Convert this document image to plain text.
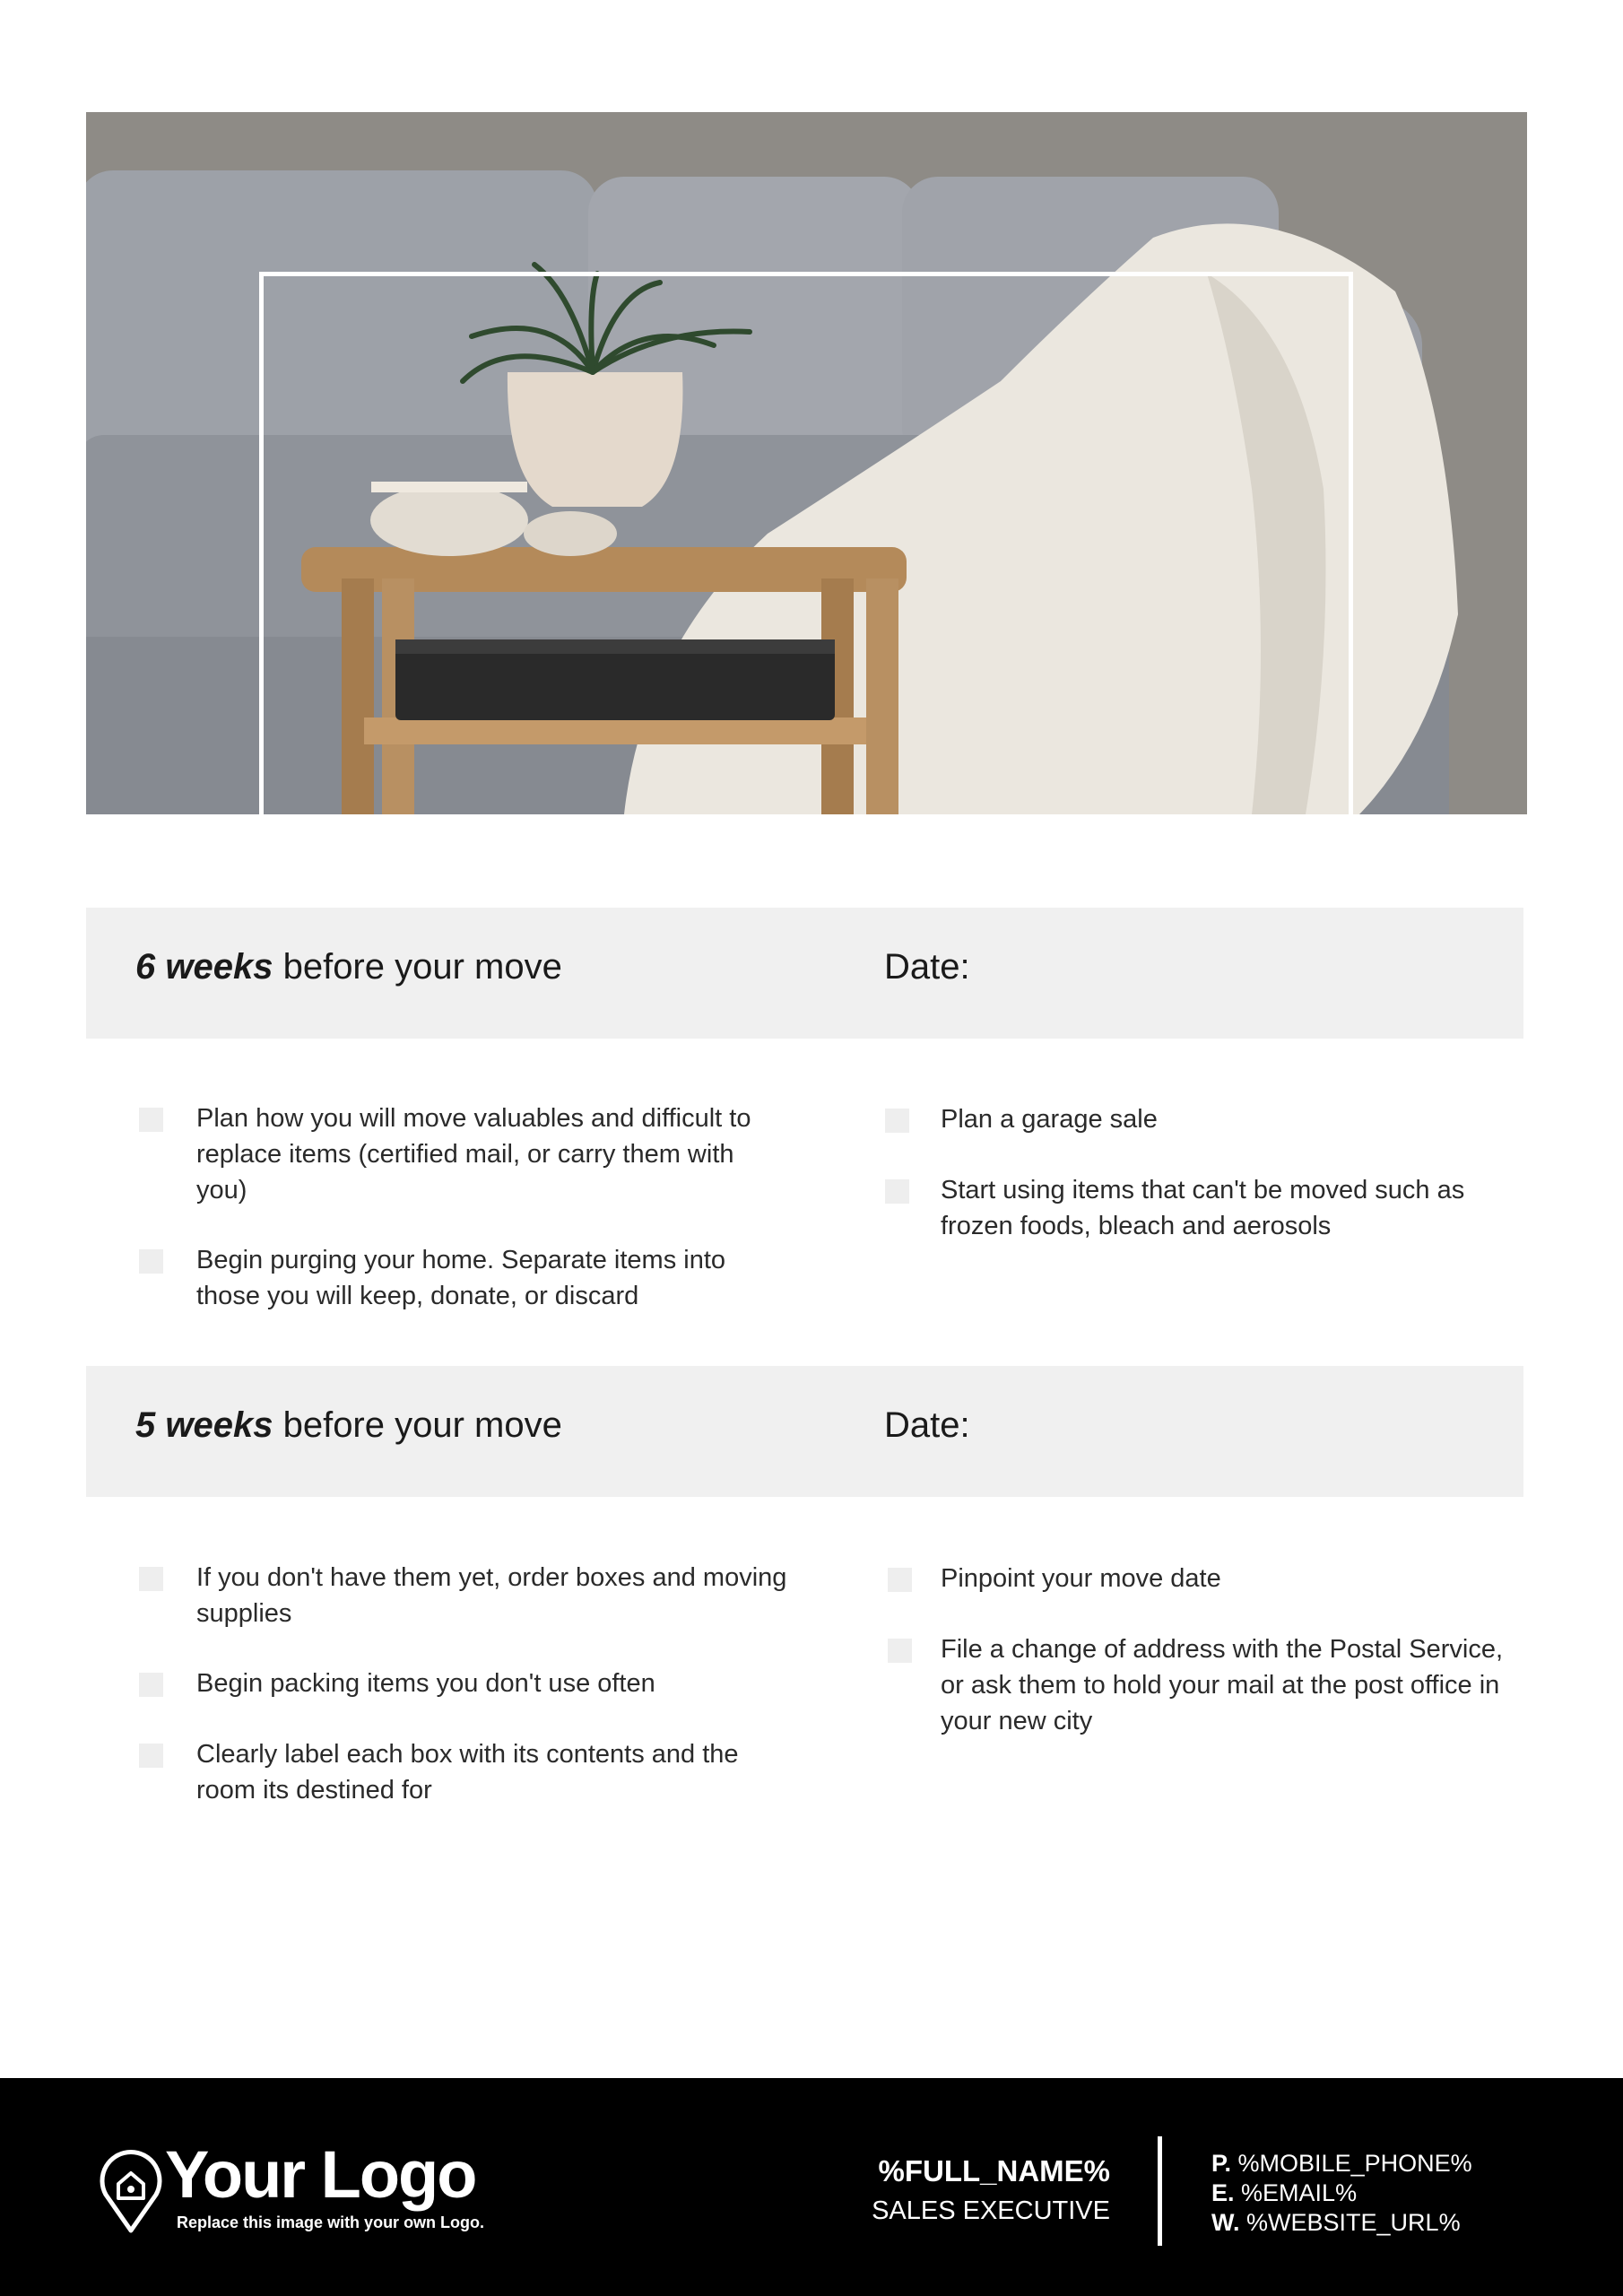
6 weeks before your move	Date:
Plan how you will move valuables and difficult to replace items (certified mail, or carry them with you)
Begin purging your home. Separate items into those you will keep, donate, or discard
Plan a garage sale
Start using items that can't be moved such as frozen foods, bleach and aerosols
5 weeks before your move	Date:
If you don't have them yet, order boxes and moving supplies
Begin packing items you don't use often
Clearly label each box with its contents and the room its destined for
Pinpoint your move date
File a change of address with the Postal Service, or ask them to hold your mail at the post office in your new city
Your Logo
Replace this image with your own Logo.
%FULL_NAME%
SALES EXECUTIVE
P. %MOBILE_PHONE%
E. %EMAIL%
W. %WEBSITE_URL%
